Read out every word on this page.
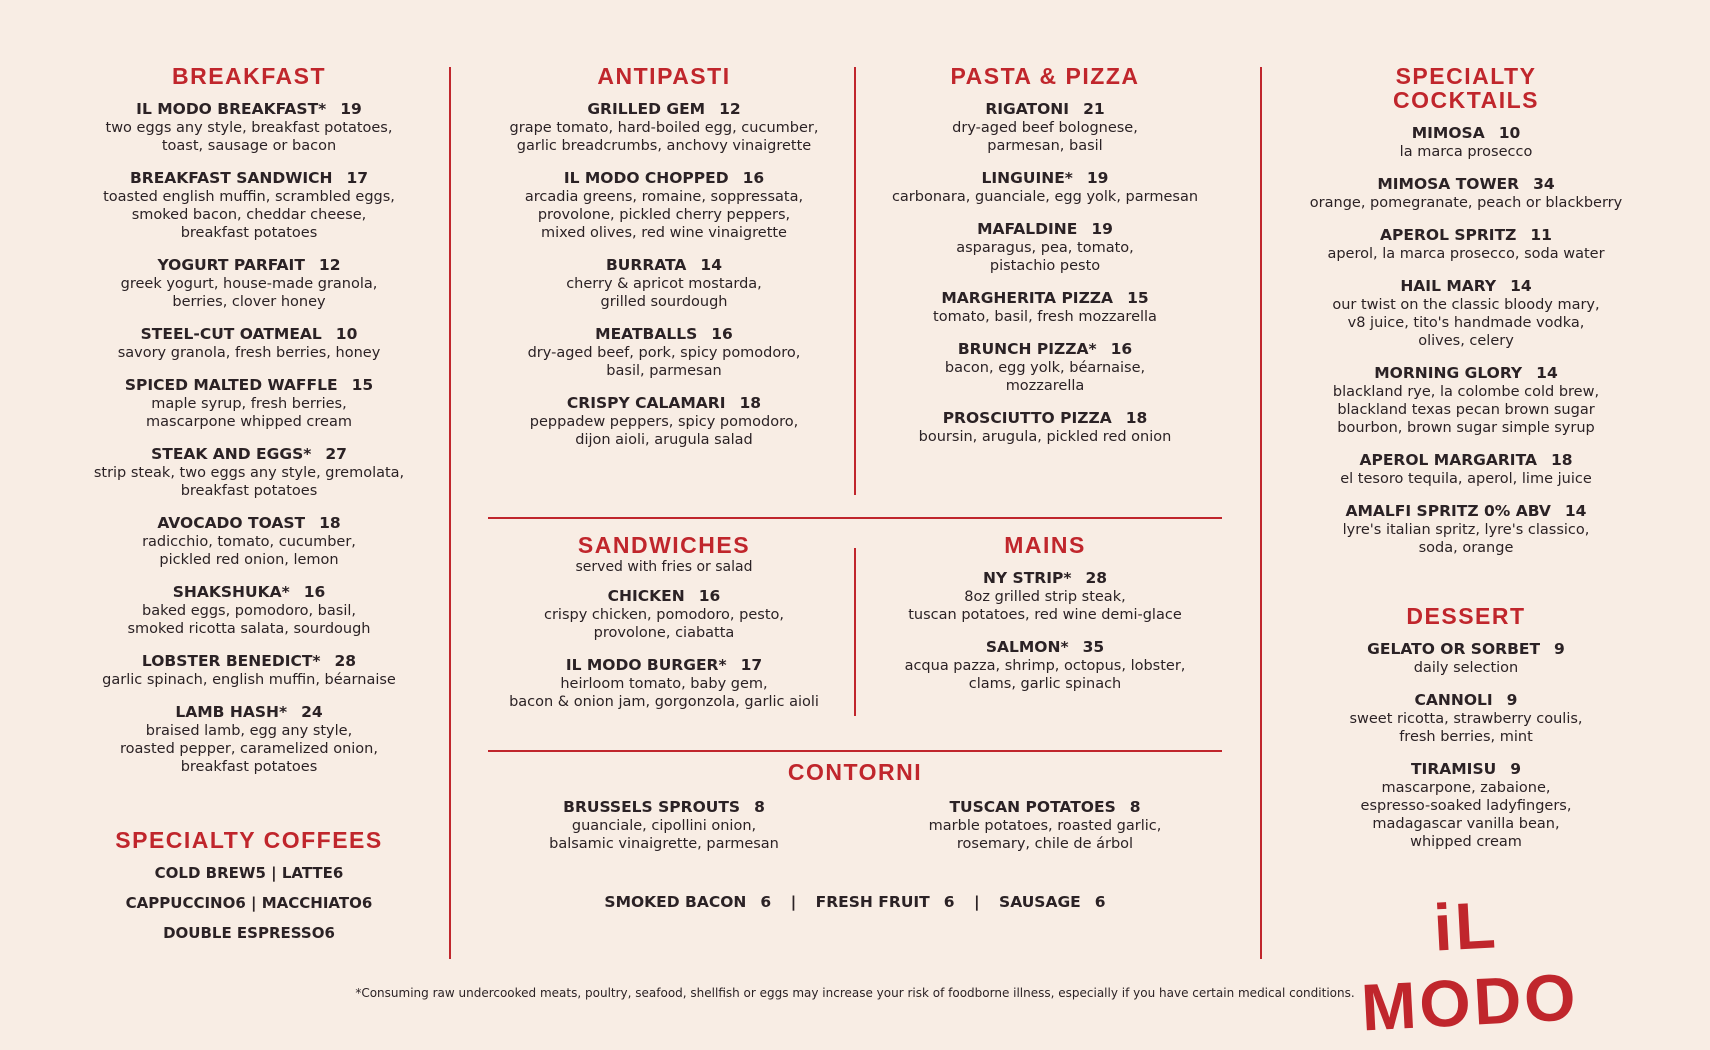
BREAKFAST
IL MODO BREAKFAST* 19
two eggs any style, breakfast potatoes,
toast, sausage or bacon
BREAKFAST SANDWICH 17
toasted english muffin, scrambled eggs,
smoked bacon, cheddar cheese,
breakfast potatoes
YOGURT PARFAIT 12
greek yogurt, house-made granola,
berries, clover honey
STEEL-CUT OATMEAL 10
savory granola, fresh berries, honey
SPICED MALTED WAFFLE 15
maple syrup, fresh berries,
mascarpone whipped cream
STEAK AND EGGS* 27
strip steak, two eggs any style, gremolata,
breakfast potatoes
AVOCADO TOAST 18
radicchio, tomato, cucumber,
pickled red onion, lemon
SHAKSHUKA* 16
baked eggs, pomodoro, basil,
smoked ricotta salata, sourdough
LOBSTER BENEDICT* 28
garlic spinach, english muffin, béarnaise
LAMB HASH* 24
braised lamb, egg any style,
roasted pepper, caramelized onion,
breakfast potatoes
SPECIALTY COFFEES
COLD BREW5 | LATTE6
CAPPUCCINO6 | MACCHIATO6
DOUBLE ESPRESSO6
ANTIPASTI
GRILLED GEM 12
grape tomato, hard-boiled egg, cucumber,
garlic breadcrumbs, anchovy vinaigrette
IL MODO CHOPPED 16
arcadia greens, romaine, soppressata,
provolone, pickled cherry peppers,
mixed olives, red wine vinaigrette
BURRATA 14
cherry & apricot mostarda,
grilled sourdough
MEATBALLS 16
dry-aged beef, pork, spicy pomodoro,
basil, parmesan
CRISPY CALAMARI 18
peppadew peppers, spicy pomodoro,
dijon aioli, arugula salad
PASTA & PIZZA
RIGATONI 21
dry-aged beef bolognese,
parmesan, basil
LINGUINE* 19
carbonara, guanciale, egg yolk, parmesan
MAFALDINE 19
asparagus, pea, tomato,
pistachio pesto
MARGHERITA PIZZA 15
tomato, basil, fresh mozzarella
BRUNCH PIZZA* 16
bacon, egg yolk, béarnaise,
mozzarella
PROSCIUTTO PIZZA 18
boursin, arugula, pickled red onion
SANDWICHES
served with fries or salad
CHICKEN 16
crispy chicken, pomodoro, pesto,
provolone, ciabatta
IL MODO BURGER* 17
heirloom tomato, baby gem,
bacon & onion jam, gorgonzola, garlic aioli
MAINS
NY STRIP* 28
8oz grilled strip steak,
tuscan potatoes, red wine demi-glace
SALMON* 35
acqua pazza, shrimp, octopus, lobster,
clams, garlic spinach
CONTORNI
BRUSSELS SPROUTS 8
guanciale, cipollini onion,
balsamic vinaigrette, parmesan
TUSCAN POTATOES 8
marble potatoes, roasted garlic,
rosemary, chile de árbol
SMOKED BACON 6 | FRESH FRUIT 6 | SAUSAGE 6
SPECIALTY
COCKTAILS
MIMOSA 10
la marca prosecco
MIMOSA TOWER 34
orange, pomegranate, peach or blackberry
APEROL SPRITZ 11
aperol, la marca prosecco, soda water
HAIL MARY 14
our twist on the classic bloody mary,
v8 juice, tito's handmade vodka,
olives, celery
MORNING GLORY 14
blackland rye, la colombe cold brew,
blackland texas pecan brown sugar
bourbon, brown sugar simple syrup
APEROL MARGARITA 18
el tesoro tequila, aperol, lime juice
AMALFI SPRITZ 0% ABV 14
lyre's italian spritz, lyre's classico,
soda, orange
DESSERT
GELATO OR SORBET 9
daily selection
CANNOLI 9
sweet ricotta, strawberry coulis,
fresh berries, mint
TIRAMISU 9
mascarpone, zabaione,
espresso-soaked ladyfingers,
madagascar vanilla bean,
whipped cream
iL MODO
*Consuming raw undercooked meats, poultry, seafood, shellfish or eggs may increase your risk of foodborne illness, especially if you have certain medical conditions.
